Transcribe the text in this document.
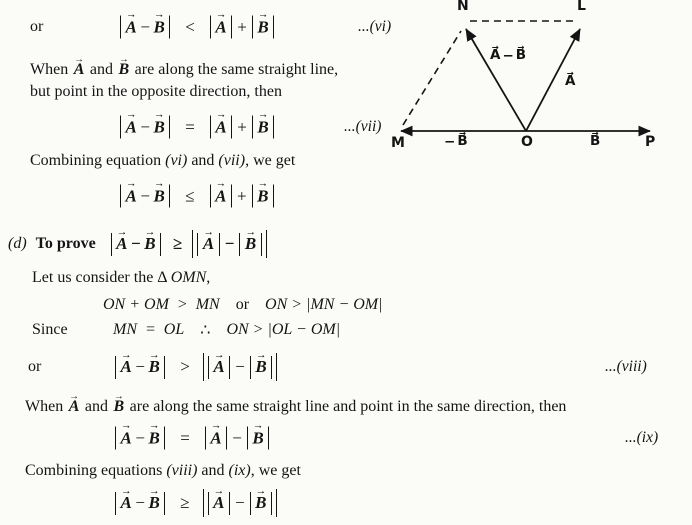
or	→ A − → B < → A + → B	...(vi)
When → A and → B are along the same straight line,
but point in the opposite direction, then
→ A − → B = → A + → B	...(vii)
Combining equation (vi) and (vii) , we get
→ A − → B ≤ → A + → B
(d) To prove → A − → B ≥ → A − → B
Let us consider the Δ OMN ,
ON + OM  >  MN or ON > |MN − OM|
Since	MN  =  OL ∴ ON > |OL − OM|
or	→ A − → B > → A − → B	...(viii)
When → A and → B are along the same straight line and point in the same direction, then
→ A − → B = → A − → B	...(ix)
Combining equations (viii) and (ix) , we get
→ A − → B ≥ → A − → B
N	L
M	O	P
→ A − → B
→ A
− → B	→ B
